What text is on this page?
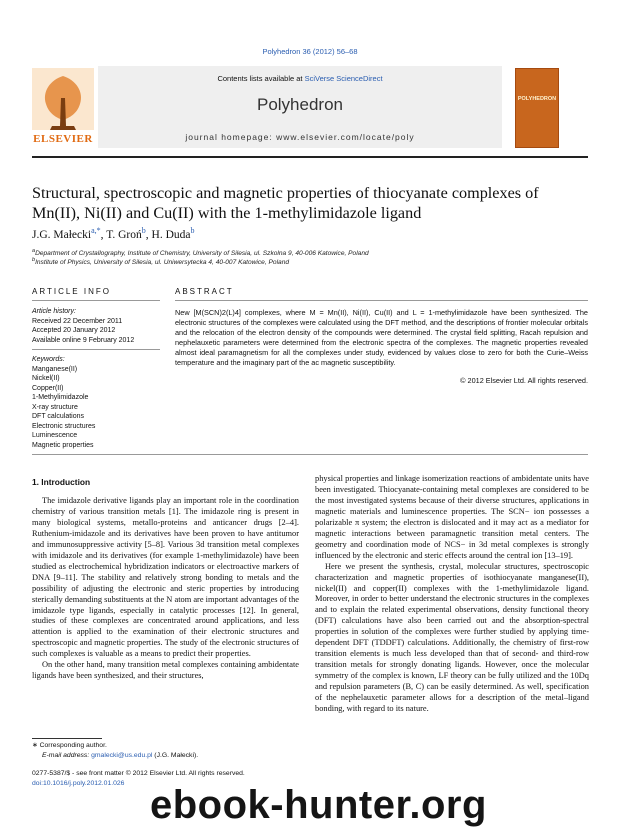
Polyhedron 36 (2012) 56–68
Contents lists available at SciVerse ScienceDirect
Polyhedron
journal homepage: www.elsevier.com/locate/poly
ELSEVIER
POLYHEDRON
Structural, spectroscopic and magnetic properties of thiocyanate complexes of Mn(II), Ni(II) and Cu(II) with the 1-methylimidazole ligand
J.G. Małecki$^{a,*}$, T. Groń$^b$, H. Duda$^b$
$^a$Department of Crystallography, Institute of Chemistry, University of Silesia, ul. Szkolna 9, 40-006 Katowice, Poland
$^b$Institute of Physics, University of Silesia, ul. Uniwersytecka 4, 40-007 Katowice, Poland
ARTICLE INFO
Article history:
Received 22 December 2011
Accepted 20 January 2012
Available online 9 February 2012
Keywords:
Manganese(II)
Nickel(II)
Copper(II)
1-Methylimidazole
X-ray structure
DFT calculations
Electronic structures
Luminescence
Magnetic properties
ABSTRACT
New [M(SCN)2(L)4] complexes, where M = Mn(II), Ni(II), Cu(II) and L = 1-methylimidazole have been synthesized. The electronic structures of the complexes were calculated using the DFT method, and the descriptions of frontier molecular orbitals and the relocation of the electron density of the compounds were determined. The crystal field splitting, Racah repulsion and nephelauxetic parameters were determined from the electronic spectra of the complexes. The magnetic properties revealed almost ideal paramagnetism for all the complexes under study, evidenced by values close to zero for both the Curie–Weiss temperature and the imaginary part of the ac magnetic susceptibility.
© 2012 Elsevier Ltd. All rights reserved.
1. Introduction

The imidazole derivative ligands play an important role in the coordination chemistry of various transition metals [1]. The imidazole ring is present in many biological systems, metallo-proteins and anticancer drugs [2–4]. Ruthenium-imidazole and its derivatives have been proven to have antitumor and immunosuppressive activity [5–8]. Various 3d transition metal complexes with imidazole and its derivatives (for example 1-methylimidazole) have been studied as electrochemical hybridization indicators or electroactive markers of DNA [9–11]. The stability and relatively strong bonding to metals and the possibility of adjusting the electronic and steric properties by introducing sterically demanding substituents at the N atom are important advantages of the imidazole type ligands, especially in catalytic processes [12]. In general, studies of these complexes are concentrated around applications, and less attention is applied to the examination of their electronic structures and spectroscopic and magnetic properties. The study of the electronic structures of such complexes is valuable as a means to predict their properties.

On the other hand, many transition metal complexes containing ambidentate ligands have been synthesized, and their structures,

physical properties and linkage isomerization reactions of ambidentate units have been investigated. Thiocyanate-containing metal complexes are considered to be the most investigated systems because of their diverse structures, applications in magnetic materials and luminescence properties. The SCN− ion possesses a polarizable π system; the electron is dislocated and it may act as a mediator for magnetic interactions between paramagnetic transition metal centers. The geometry and coordination mode of NCS− in 3d metal complexes is strongly influenced by the electronic and steric effects around the central ion [13–19].

Here we present the synthesis, crystal, molecular structures, spectroscopic characterization and magnetic properties of isothiocyanate manganese(II), nickel(II) and copper(II) complexes with the 1-methylimidazole ligand. Moreover, in order to better understand the electronic structures in the complexes and to explain the related experimental observations, density functional theory (DFT) calculations have also been carried out and the absorption-spectral properties in solution of the complexes were further studied by applying time-dependent DFT (TDDFT) calculations. Additionally, the chemistry of first-row transition elements is much less developed than that of second- and third-row transition metals for strongly donating ligands. However, once the molecular symmetry of the complex is known, LF theory can be fully utilized and the 10Dq and repulsion parameters (B, C) can be easily determined. As well, specification of the nephelauxetic parameter allows for a description of the metal–ligand bonding, with regard to its nature.

∗ Corresponding author.
E-mail address: gmalecki@us.edu.pl (J.G. Małecki).
0277-5387/$ - see front matter © 2012 Elsevier Ltd. All rights reserved.
doi:10.1016/j.poly.2012.01.026 ebook-hunter.org
